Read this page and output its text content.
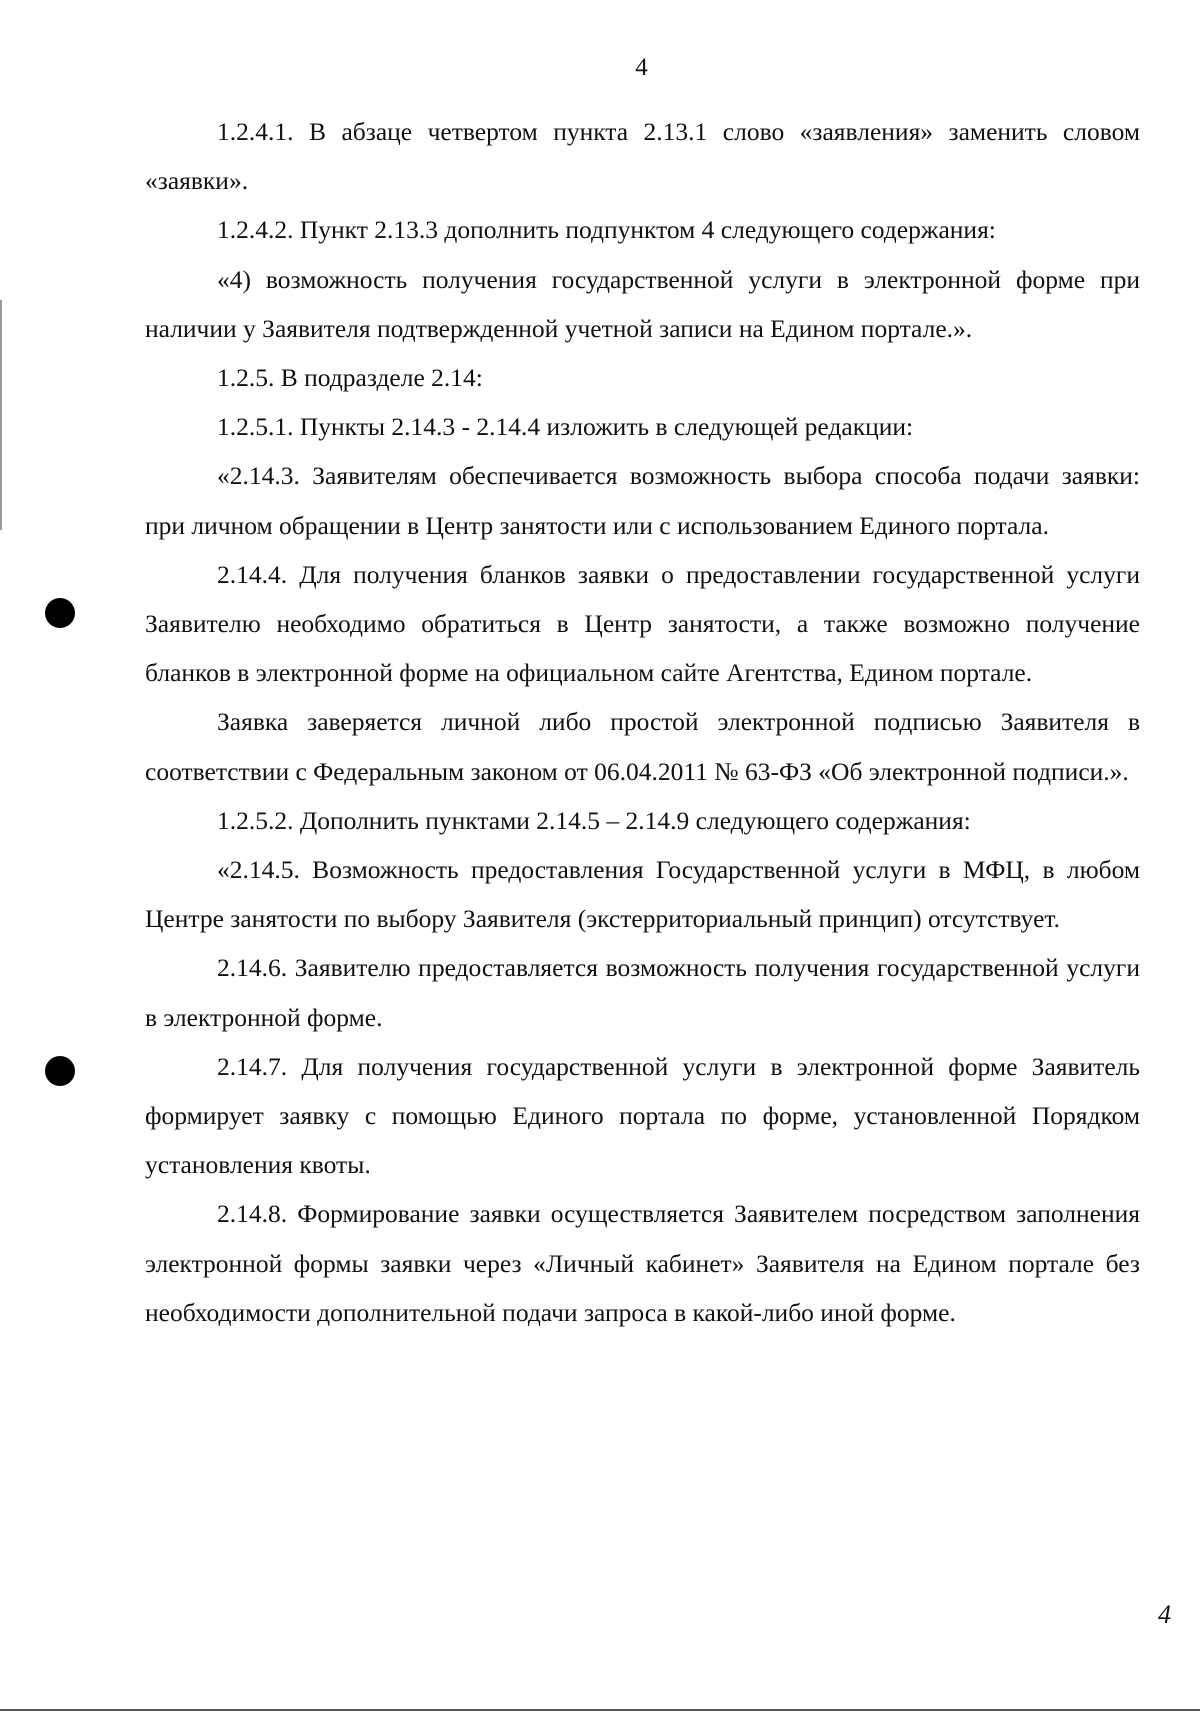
4

1.2.4.1. В абзаце четвертом пункта 2.13.1 слово «заявления» заменить словом «заявки».

1.2.4.2. Пункт 2.13.3 дополнить подпунктом 4 следующего содержания:

«4) возможность получения государственной услуги в электронной форме при наличии у Заявителя подтвержденной учетной записи на Едином портале.».

1.2.5. В подразделе 2.14:

1.2.5.1. Пункты 2.14.3 - 2.14.4 изложить в следующей редакции:

«2.14.3. Заявителям обеспечивается возможность выбора способа подачи заявки: при личном обращении в Центр занятости или с использованием Единого портала.

2.14.4. Для получения бланков заявки о предоставлении государственной услуги Заявителю необходимо обратиться в Центр занятости, а также возможно получение бланков в электронной форме на официальном сайте Агентства, Едином портале.

Заявка заверяется личной либо простой электронной подписью Заявителя в соответствии с Федеральным законом от 06.04.2011 № 63-ФЗ «Об электронной подписи.».

1.2.5.2. Дополнить пунктами 2.14.5 – 2.14.9 следующего содержания:

«2.14.5. Возможность предоставления Государственной услуги в МФЦ, в любом Центре занятости по выбору Заявителя (экстерриториальный принцип) отсутствует.

2.14.6. Заявителю предоставляется возможность получения государственной услуги в электронной форме.

2.14.7. Для получения государственной услуги в электронной форме Заявитель формирует заявку с помощью Единого портала по форме, установленной Порядком установления квоты.

2.14.8. Формирование заявки осуществляется Заявителем посредством заполнения электронной формы заявки через «Личный кабинет» Заявителя на Едином портале без необходимости дополнительной подачи запроса в какой-либо иной форме.

4
